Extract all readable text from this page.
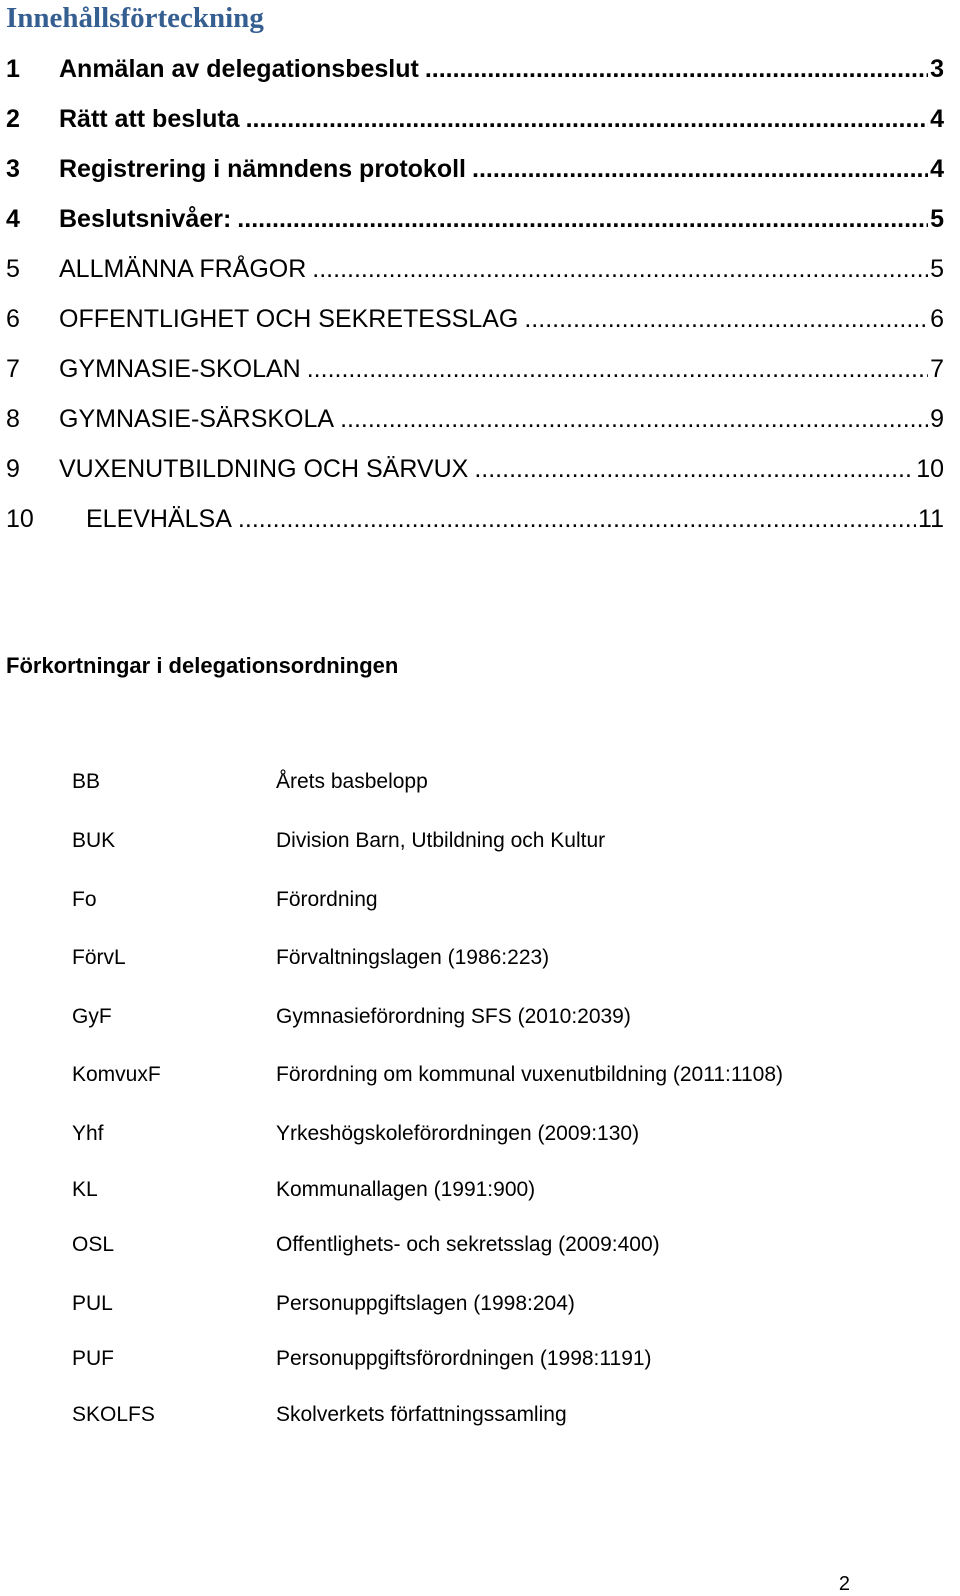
Innehållsförteckning
1	Anmälan av delegationsbeslut .....	3
2	Rätt att besluta .....	4
3	Registrering i nämndens protokoll .....	4
4	Beslutsnivåer: .....	5
5	ALLMÄNNA FRÅGOR .....	5
6	OFFENTLIGHET OCH SEKRETESSLAG .....	6
7	GYMNASIE-SKOLAN .....	7
8	GYMNASIE-SÄRSKOLA .....	9
9	VUXENUTBILDNING OCH SÄRVUX .....	10
10	ELEVHÄLSA .....	11
Förkortningar i delegationsordningen
BB	Årets basbelopp
BUK	Division Barn, Utbildning och Kultur
Fo	Förordning
FörvL	Förvaltningslagen (1986:223)
GyF	Gymnasieförordning SFS (2010:2039)
KomvuxF	Förordning om kommunal vuxenutbildning (2011:1108)
Yhf	Yrkeshögskoleförordningen (2009:130)
KL	Kommunallagen (1991:900)
OSL	Offentlighets- och sekretsslag (2009:400)
PUL	Personuppgiftslagen (1998:204)
PUF	Personuppgiftsförordningen (1998:1191)
SKOLFS	Skolverkets författningssamling
2
